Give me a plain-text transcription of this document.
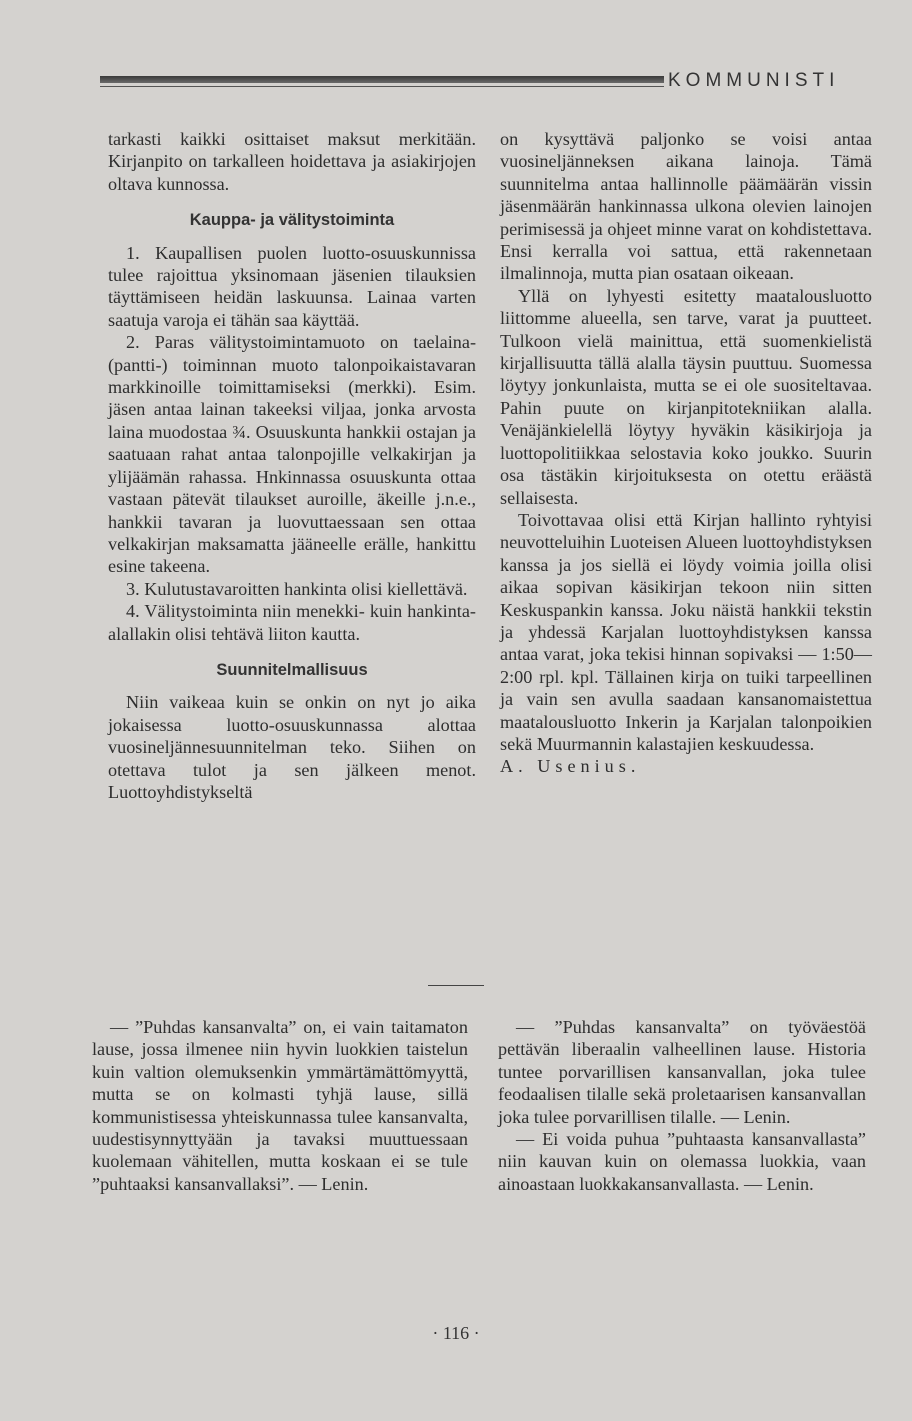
KOMMUNISTI

tarkasti kaikki osittaiset maksut merkitään. Kirjanpito on tarkalleen hoidettava ja asiakirjojen oltava kunnossa.

Kauppa- ja välitystoiminta

1. Kaupallisen puolen luotto-osuuskunnissa tulee rajoittua yksinomaan jäsenien tilauksien täyttämiseen heidän laskuunsa. Lainaa varten saatuja varoja ei tähän saa käyttää.

2. Paras välitystoimintamuoto on taelaina- (pantti-) toiminnan muoto talonpoikaistavaran markkinoille toimittamiseksi (merkki). Esim. jäsen antaa lainan takeeksi viljaa, jonka arvosta laina muodostaa ¾. Osuuskunta hankkii ostajan ja saatuaan rahat antaa talonpojille velkakirjan ja ylijäämän rahassa. Hnkinnassa osuuskunta ottaa vastaan pätevät tilaukset auroille, äkeille j.n.e., hankkii tavaran ja luovuttaessaan sen ottaa velkakirjan maksamatta jääneelle erälle, hankittu esine takeena.

3. Kulutustavaroitten hankinta olisi kiellettävä.

4. Välitystoiminta niin menekki- kuin hankinta-alallakin olisi tehtävä liiton kautta.

Suunnitelmallisuus

Niin vaikeaa kuin se onkin on nyt jo aika jokaisessa luotto-osuuskunnassa alottaa vuosineljännesuunnitelman teko. Siihen on otettava tulot ja sen jälkeen menot. Luottoyhdistykseltä

on kysyttävä paljonko se voisi antaa vuosineljänneksen aikana lainoja. Tämä suunnitelma antaa hallinnolle päämäärän vissin jäsenmäärän hankinnassa ulkona olevien lainojen perimisessä ja ohjeet minne varat on kohdistettava. Ensi kerralla voi sattua, että rakennetaan ilmalinnoja, mutta pian osataan oikeaan.

Yllä on lyhyesti esitetty maatalousluotto liittomme alueella, sen tarve, varat ja puutteet. Tulkoon vielä mainittua, että suomenkielistä kirjallisuutta tällä alalla täysin puuttuu. Suomessa löytyy jonkunlaista, mutta se ei ole suositeltavaa. Pahin puute on kirjanpitotekniikan alalla. Venäjänkielellä löytyy hyväkin käsikirjoja ja luottopolitiikkaa selostavia koko joukko. Suurin osa tästäkin kirjoituksesta on otettu eräästä sellaisesta.

Toivottavaa olisi että Kirjan hallinto ryhtyisi neuvotteluihin Luoteisen Alueen luottoyhdistyksen kanssa ja jos siellä ei löydy voimia joilla olisi aikaa sopivan käsikirjan tekoon niin sitten Keskuspankin kanssa. Joku näistä hankkii tekstin ja yhdessä Karjalan luottoyhdistyksen kanssa antaa varat, joka tekisi hinnan sopivaksi — 1:50—2:00 rpl. kpl. Tällainen kirja on tuiki tarpeellinen ja vain sen avulla saadaan kansanomaistettua maatalousluotto Inkerin ja Karjalan talonpoikien sekä Muurmannin kalastajien keskuudessa.

A. Usenius.

— ”Puhdas kansanvalta” on, ei vain taitamaton lause, jossa ilmenee niin hyvin luokkien taistelun kuin valtion olemuksenkin ymmärtämättömyyttä, mutta se on kolmasti tyhjä lause, sillä kommunistisessa yhteiskunnassa tulee kansanvalta, uudestisynnyttyään ja tavaksi muuttuessaan kuolemaan vähitellen, mutta koskaan ei se tule ”puhtaaksi kansanvallaksi”. — Lenin.

— ”Puhdas kansanvalta” on työväestöä pettävän liberaalin valheellinen lause. Historia tuntee porvarillisen kansanvallan, joka tulee feodaalisen tilalle sekä proletaarisen kansanvallan joka tulee porvarillisen tilalle. — Lenin.

— Ei voida puhua ”puhtaasta kansanvallasta” niin kauvan kuin on olemassa luokkia, vaan ainoastaan luokkakansanvallasta. — Lenin.

· 116 ·
